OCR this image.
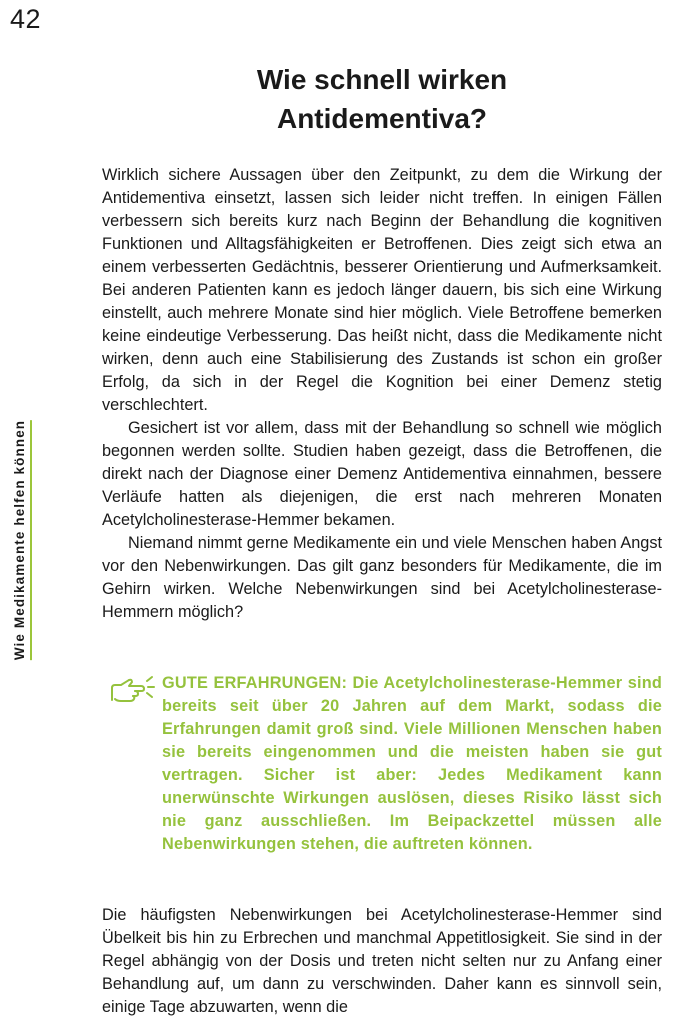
42
Wie Medikamente helfen können
Wie schnell wirken
Antidementiva?

Wirklich sichere Aussagen über den Zeitpunkt, zu dem die Wirkung der Antidementiva einsetzt, lassen sich leider nicht treffen. In einigen Fällen verbessern sich bereits kurz nach Beginn der Behandlung die kognitiven Funktionen und Alltagsfähigkeiten er Betroffenen. Dies zeigt sich etwa an einem verbesserten Gedächtnis, besserer Orientierung und Aufmerksamkeit. Bei anderen Patienten kann es jedoch länger dauern, bis sich eine Wirkung einstellt, auch mehrere Monate sind hier möglich. Viele Betroffene bemerken keine eindeutige Verbesserung. Das heißt nicht, dass die Medikamente nicht wirken, denn auch eine Stabilisierung des Zustands ist schon ein großer Erfolg, da sich in der Regel die Kognition bei einer Demenz stetig verschlechtert.

Gesichert ist vor allem, dass mit der Behandlung so schnell wie möglich begonnen werden sollte. Studien haben gezeigt, dass die Betroffenen, die direkt nach der Diagnose einer Demenz Antidementiva einnahmen, bessere Verläufe hatten als diejenigen, die erst nach mehreren Monaten Acetylcholinesterase-Hemmer bekamen.

Niemand nimmt gerne Medikamente ein und viele Menschen haben Angst vor den Nebenwirkungen. Das gilt ganz besonders für Medikamente, die im Gehirn wirken. Welche Nebenwirkungen sind bei Acetylcholinesterase-Hemmern möglich?

GUTE ERFAHRUNGEN: Die Acetylcholinesterase-Hemmer sind bereits seit über 20 Jahren auf dem Markt, sodass die Erfahrungen damit groß sind. Viele Millionen Menschen haben sie bereits eingenommen und die meisten haben sie gut vertragen. Sicher ist aber: Jedes Medikament kann unerwünschte Wirkungen auslösen, dieses Risiko lässt sich nie ganz ausschließen. Im Beipackzettel müssen alle Nebenwirkungen stehen, die auftreten können.

Die häufigsten Nebenwirkungen bei Acetylcholinesterase-Hemmer sind Übelkeit bis hin zu Erbrechen und manchmal Appetitlosigkeit. Sie sind in der Regel abhängig von der Dosis und treten nicht selten nur zu Anfang einer Behandlung auf, um dann zu verschwinden. Daher kann es sinnvoll sein, einige Tage abzuwarten, wenn die
